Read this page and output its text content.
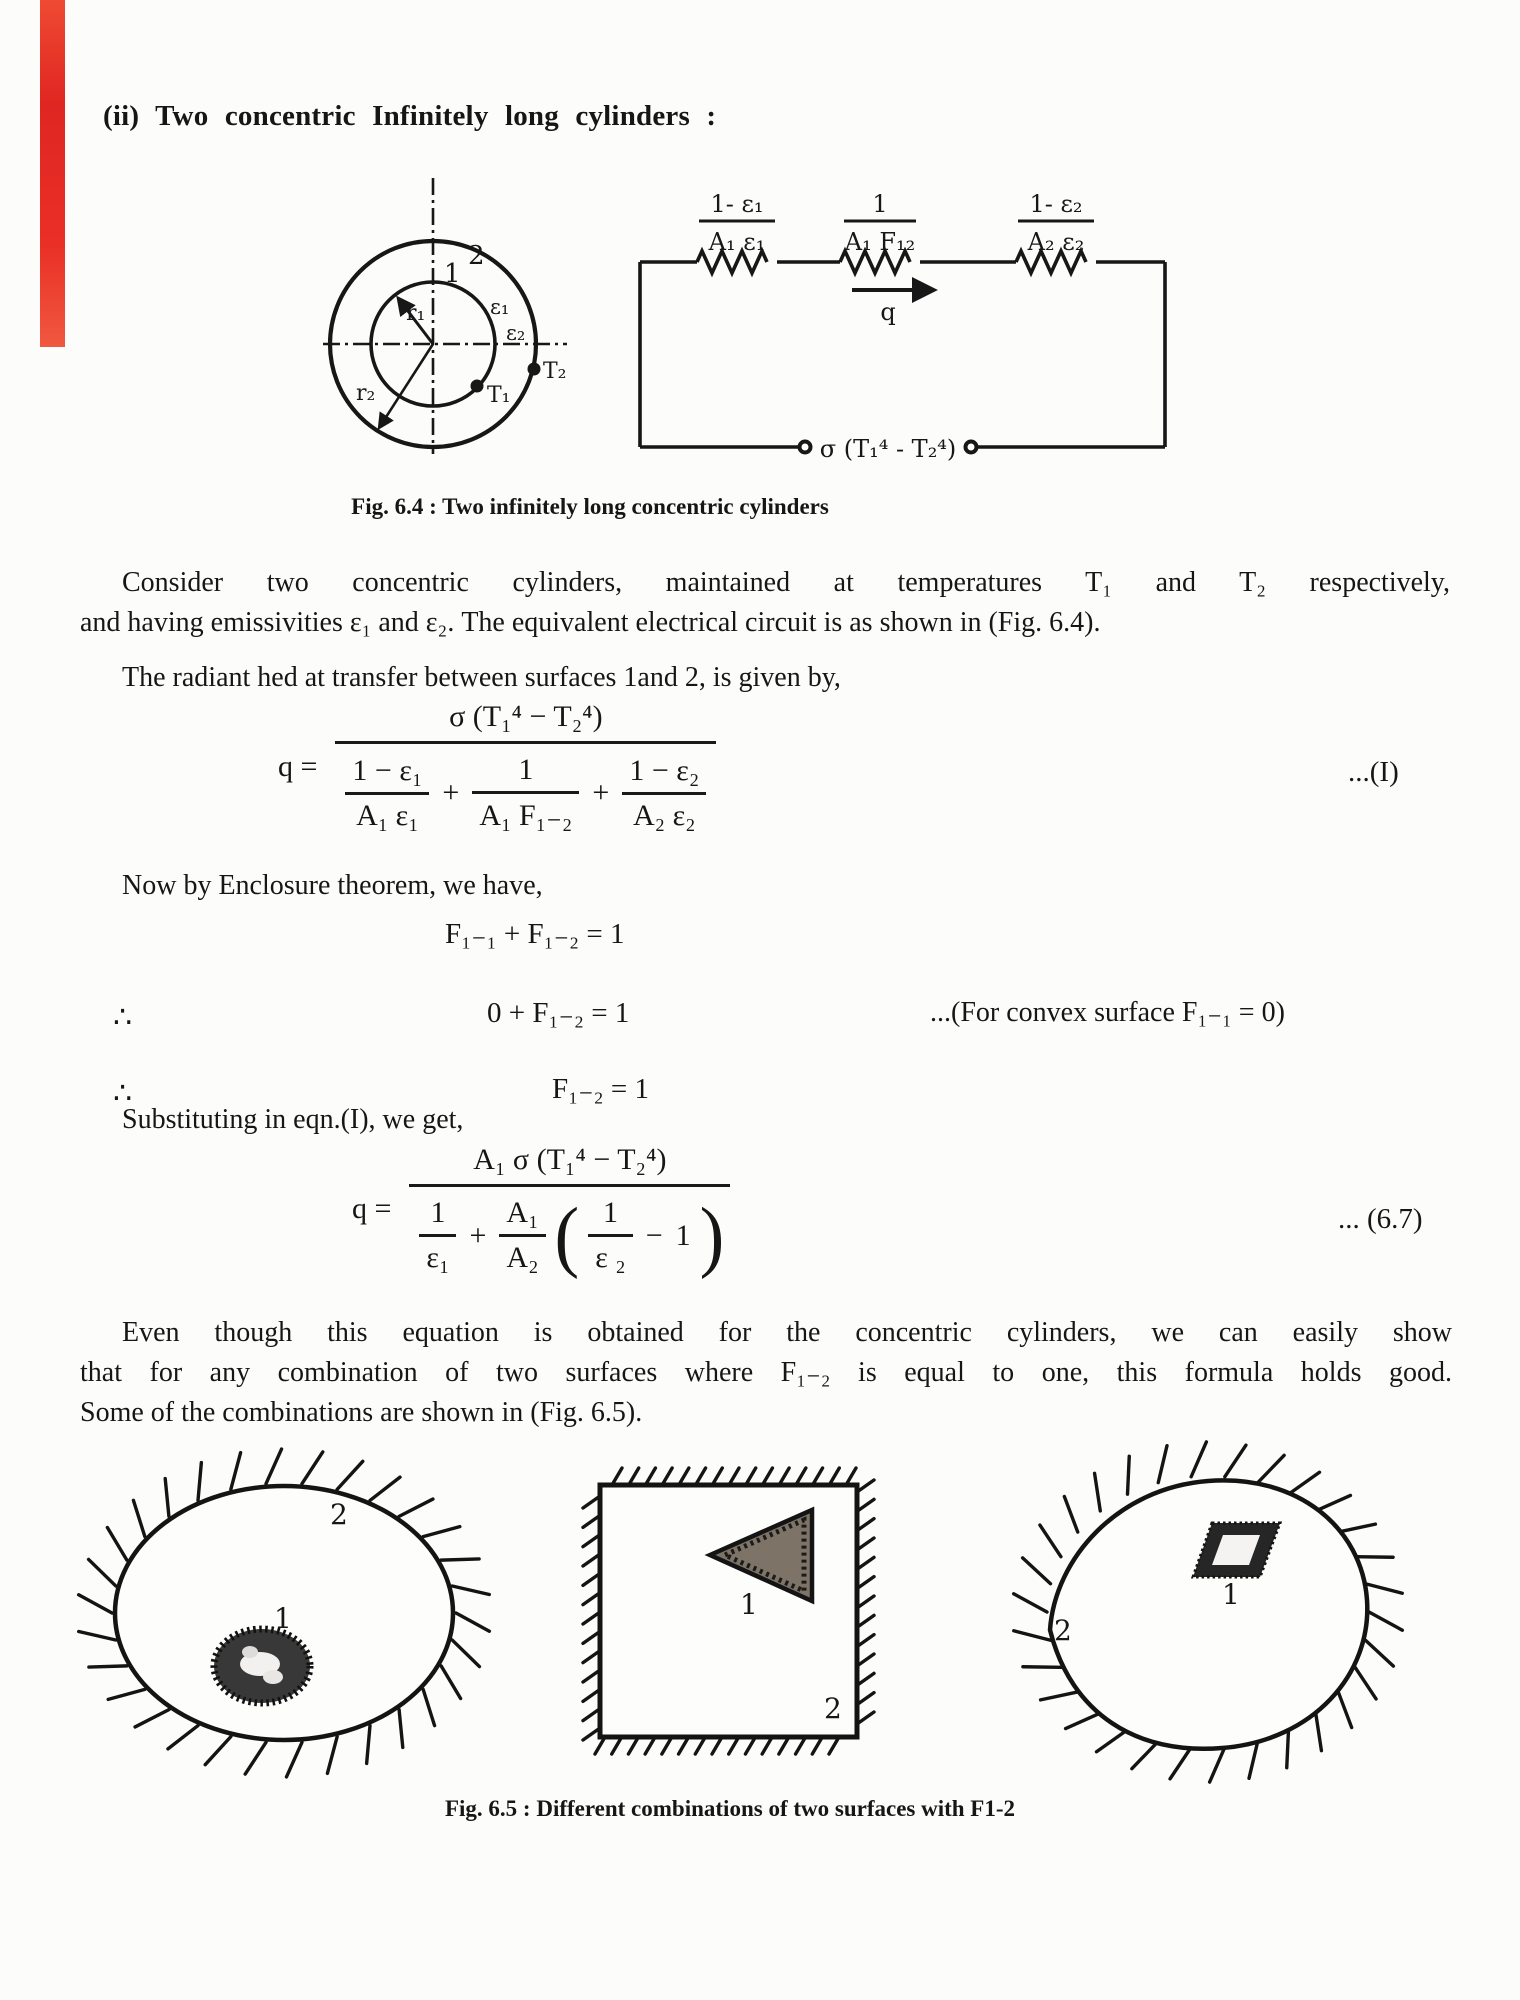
(ii) Two concentric Infinitely long cylinders :
1
2
ε₁
ε₂
r₁
r₂	T₁
T₂
q
1- ε₁
A₁ ε₁
1
A₁ F₁₂
1- ε₂
A₂ ε₂
σ (T₁⁴ - T₂⁴)
Fig. 6.4 : Two infinitely long concentric cylinders
Consider two concentric cylinders, maintained at temperatures T₁ and T₂ respectively,
and having emissivities ε₁ and ε₂. The equivalent electrical circuit is as shown in (Fig. 6.4).
The radiant hed at transfer between surfaces 1and 2, is given by,
q =
σ (T₁⁴ − T₂⁴)
1 − ε₁
A₁ ε₁
+ $\frac{1}{\text{A₁ F₁₋₂}} + \frac{\text{1 − ε₂}}{\text{A₂ ε₂}}$	...(I)
Now by Enclosure theorem, we have,
F₁₋₁ + F₁₋₂ = 1
∴	0 + F₁₋₂ = 1	...(For convex surface F₁₋₁ = 0)
∴	F₁₋₂ = 1
Substituting in eqn.(I), we get,
q =
A₁ σ (T₁⁴ − T₂⁴)
1
ε₁
+ $\frac{\text{A₁}}{\text{A₂}}$ ( 1
ε ₂
− 1 )	... (6.7)
Even though this equation is obtained for the concentric cylinders, we can easily show
that for any combination of two surfaces where F₁₋₂ is equal to one, this formula holds good.
Some of the combinations are shown in (Fig. 6.5).
1
2
1
2
1
2
Fig. 6.5 : Different combinations of two surfaces with F1-2
